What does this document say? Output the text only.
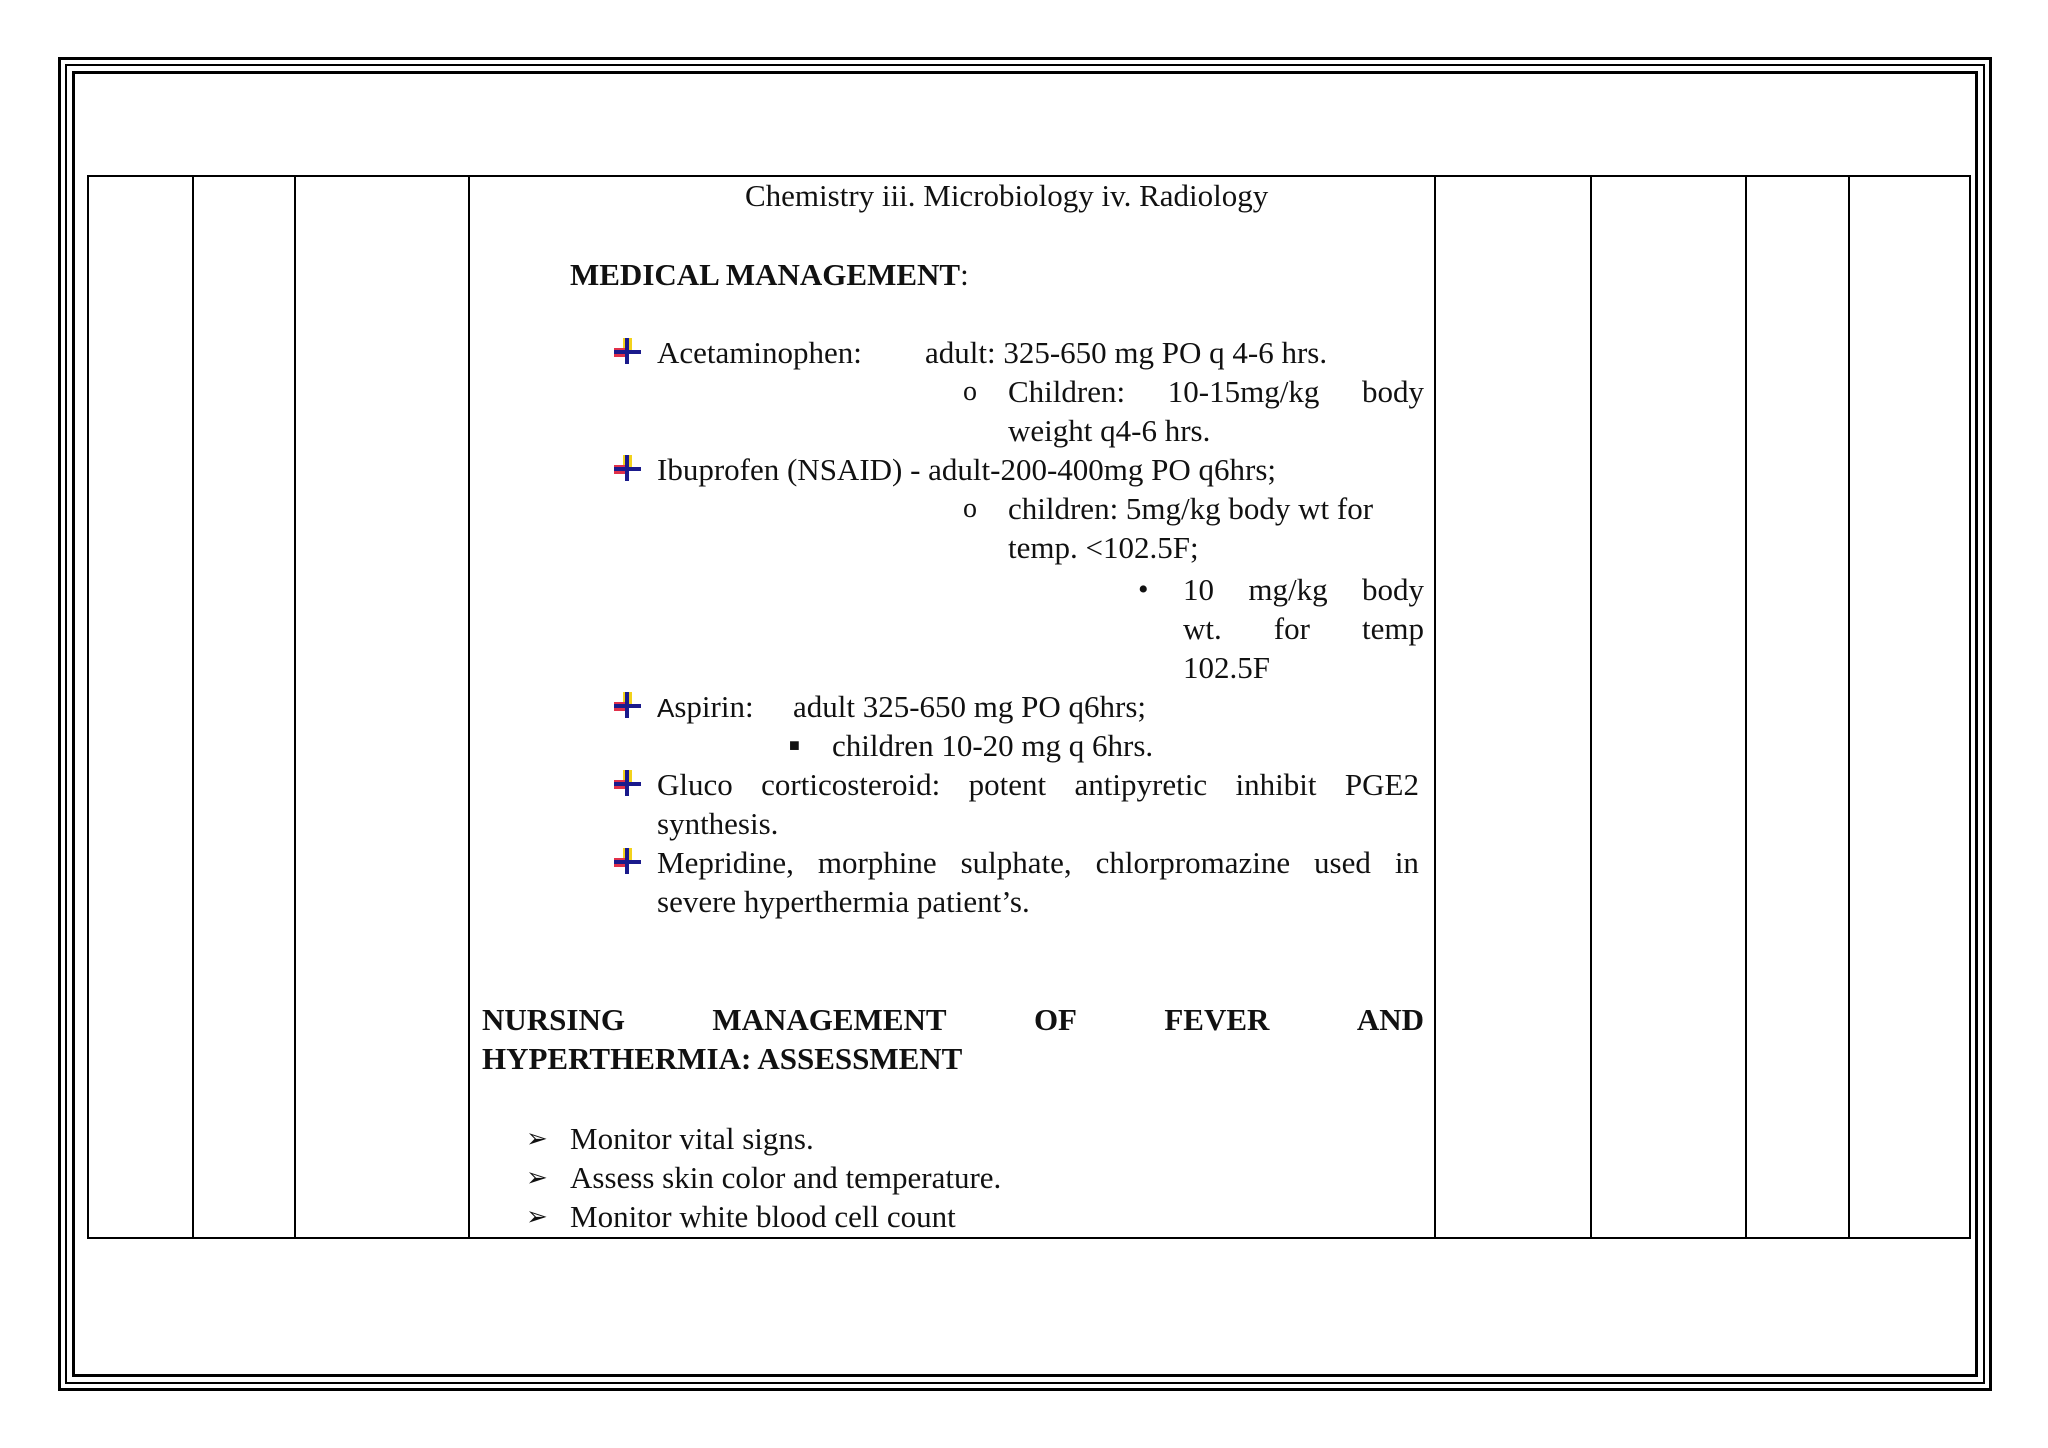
Chemistry iii. Microbiology iv. Radiology
MEDICAL MANAGEMENT:
Acetaminophen: adult: 325-650 mg PO q 4-6 hrs.
o Children: 10-15mg/kg body
weight q4-6 hrs.
Ibuprofen (NSAID) - adult-200-400mg PO q6hrs;
o children: 5mg/kg body wt for
temp. <102.5F;
• 10 mg/kg body
wt. for temp
102.5F
Aspirin: adult 325-650 mg PO q6hrs;
■ children 10-20 mg q 6hrs.
Gluco corticosteroid: potent antipyretic inhibit PGE2
synthesis.
Mepridine, morphine sulphate, chlorpromazine used in
severe hyperthermia patient’s.
NURSING	MANAGEMENT	OF	FEVER	AND
HYPERTHERMIA: ASSESSMENT
➢ Monitor vital signs.
➢ Assess skin color and temperature.
➢ Monitor white blood cell count
